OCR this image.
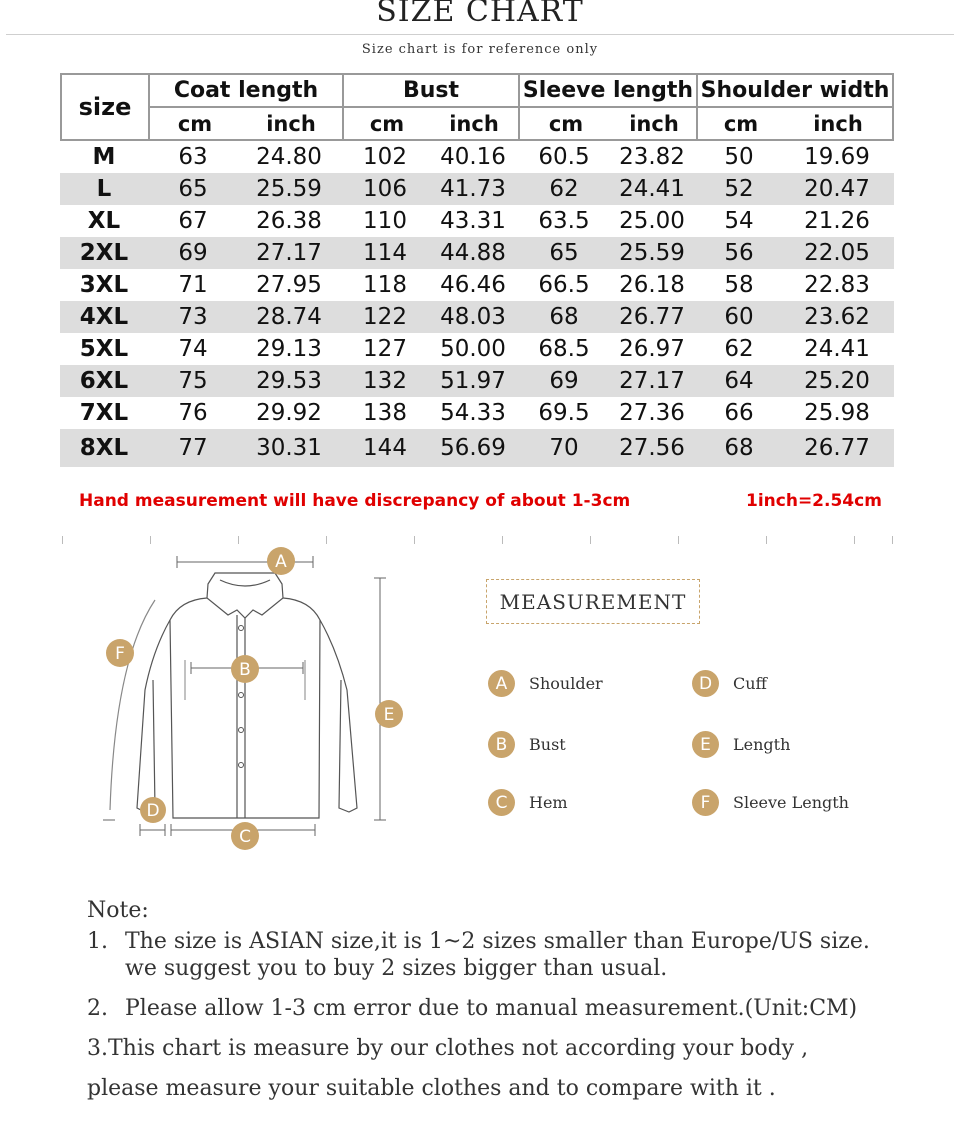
SIZE CHART
Size chart is for reference only
size
Coat length	Bust	Sleeve length Shoulder width
cm	inch	cm	inch	cm	inch	cm	inch
M	63	24.80	102	40.16	60.5	23.82	50	19.69
L	65	25.59	106	41.73	62	24.41	52	20.47
XL	67	26.38	110	43.31	63.5	25.00	54	21.26
2XL	69	27.17	114	44.88	65	25.59	56	22.05
3XL	71	27.95	118	46.46	66.5	26.18	58	22.83
4XL	73	28.74	122	48.03	68	26.77	60	23.62
5XL	74	29.13	127	50.00	68.5	26.97	62	24.41
6XL	75	29.53	132	51.97	69	27.17	64	25.20
7XL	76	29.92	138	54.33	69.5	27.36	66	25.98
8XL	77	30.31	144	56.69	70	27.56	68	26.77
Hand measurement will have discrepancy of about 1-3cm	1inch=2.54cm
A
B
C
D
E
F
MEASUREMENT
A	Shoulder
B	Bust
C	Hem
D	Cuff
E	Length
F	Sleeve Length
Note:
1. The size is ASIAN size,it is 1~2 sizes smaller than Europe/US size.
we suggest you to buy 2 sizes bigger than usual.
2. Please allow 1-3 cm error due to manual measurement.(Unit:CM)
3.This chart is measure by our clothes not according your body ,
please measure your suitable clothes and to compare with it .
